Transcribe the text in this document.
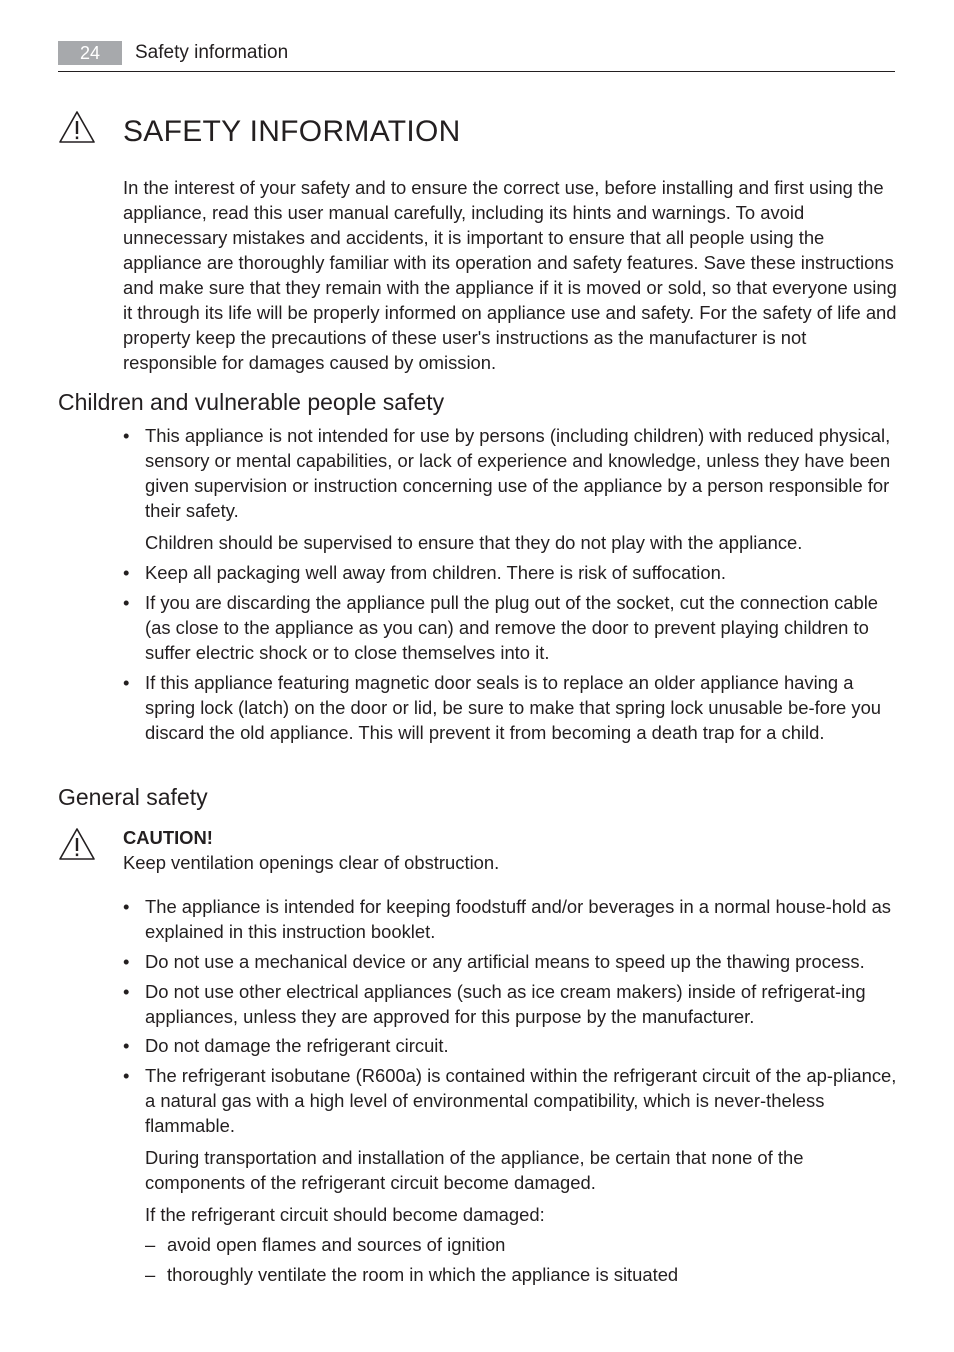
24	Safety information
SAFETY INFORMATION

In the interest of your safety and to ensure the correct use, before installing and first using the appliance, read this user manual carefully, including its hints and warnings. To avoid unnecessary mistakes and accidents, it is important to ensure that all people using the appliance are thoroughly familiar with its operation and safety features. Save these instructions and make sure that they remain with the appliance if it is moved or sold, so that everyone using it through its life will be properly informed on appliance use and safety. For the safety of life and property keep the precautions of these user's instructions as the manufacturer is not responsible for damages caused by omission.

Children and vulnerable people safety
• This appliance is not intended for use by persons (including children) with reduced physical, sensory or mental capabilities, or lack of experience and knowledge, unless they have been given supervision or instruction concerning use of the appliance by a person responsible for their safety.

Children should be supervised to ensure that they do not play with the appliance.

• Keep all packaging well away from children. There is risk of suffocation.
• If you are discarding the appliance pull the plug out of the socket, cut the connection cable (as close to the appliance as you can) and remove the door to prevent playing children to suffer electric shock or to close themselves into it.
• If this appliance featuring magnetic door seals is to replace an older appliance having a spring lock (latch) on the door or lid, be sure to make that spring lock unusable be-fore you discard the old appliance. This will prevent it from becoming a death trap for a child.
General safety
CAUTION!
Keep ventilation openings clear of obstruction.
• The appliance is intended for keeping foodstuff and/or beverages in a normal house-hold as explained in this instruction booklet.
• Do not use a mechanical device or any artificial means to speed up the thawing process.
• Do not use other electrical appliances (such as ice cream makers) inside of refrigerat-ing appliances, unless they are approved for this purpose by the manufacturer.
• Do not damage the refrigerant circuit.
• The refrigerant isobutane (R600a) is contained within the refrigerant circuit of the ap-pliance, a natural gas with a high level of environmental compatibility, which is never-theless flammable.

During transportation and installation of the appliance, be certain that none of the components of the refrigerant circuit become damaged.

If the refrigerant circuit should become damaged:

– avoid open flames and sources of ignition
– thoroughly ventilate the room in which the appliance is situated
